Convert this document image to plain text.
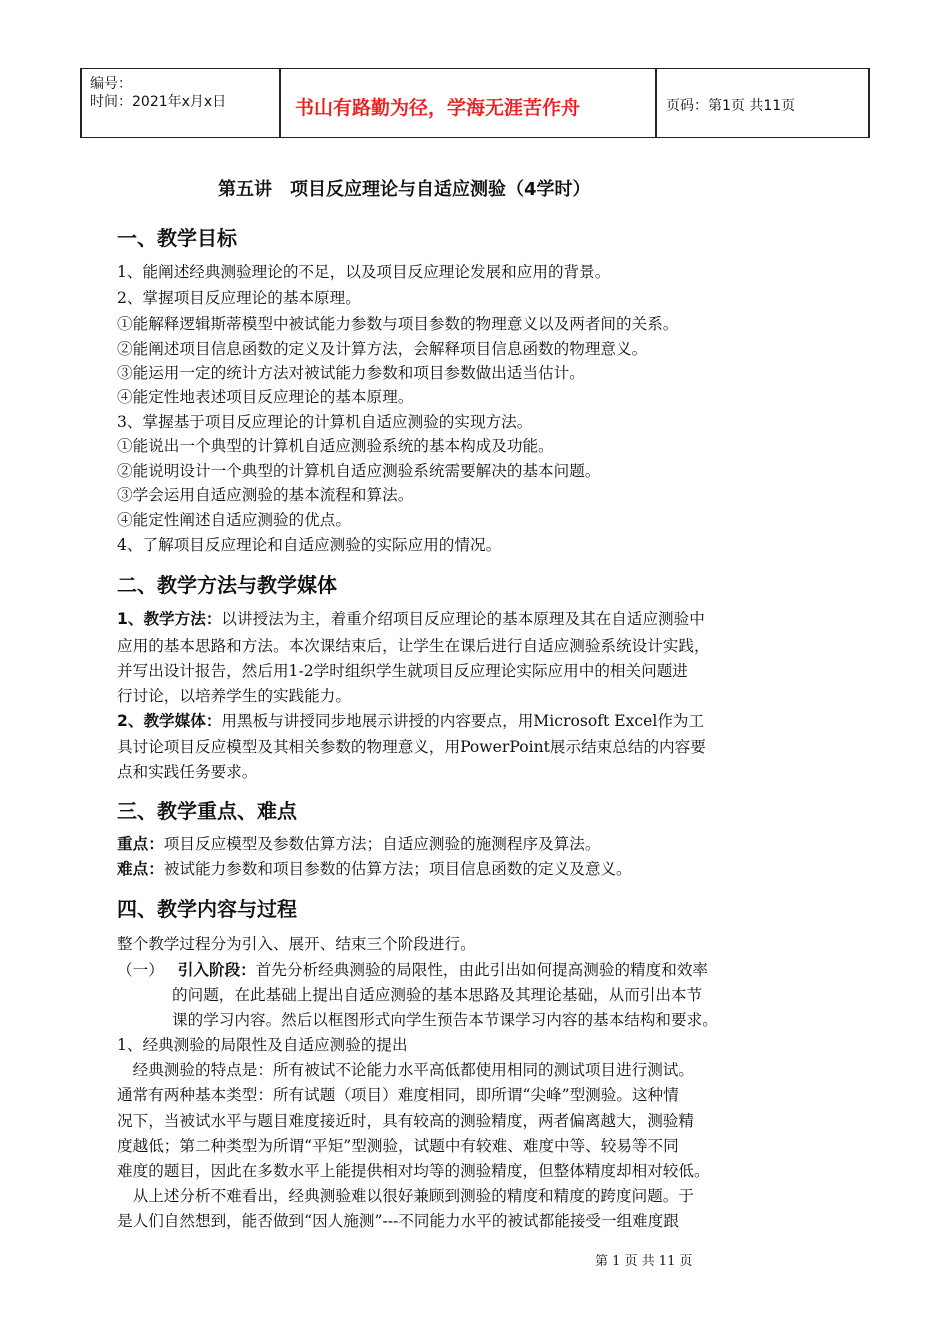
编号：
时间：2021年x月x日	书山有路勤为径，学海无涯苦作舟	页码：第1页 共11页
第五讲　项目反应理论与自适应测验（4学时）
一、教学目标
1、能阐述经典测验理论的不足，以及项目反应理论发展和应用的背景。
2、掌握项目反应理论的基本原理。
①能解释逻辑斯蒂模型中被试能力参数与项目参数的物理意义以及两者间的关系。
②能阐述项目信息函数的定义及计算方法，会解释项目信息函数的物理意义。
③能运用一定的统计方法对被试能力参数和项目参数做出适当估计。
④能定性地表述项目反应理论的基本原理。
3、掌握基于项目反应理论的计算机自适应测验的实现方法。
①能说出一个典型的计算机自适应测验系统的基本构成及功能。
②能说明设计一个典型的计算机自适应测验系统需要解决的基本问题。
③学会运用自适应测验的基本流程和算法。
④能定性阐述自适应测验的优点。
4、了解项目反应理论和自适应测验的实际应用的情况。
二、教学方法与教学媒体
1、教学方法：以讲授法为主，着重介绍项目反应理论的基本原理及其在自适应测验中
应用的基本思路和方法。本次课结束后，让学生在课后进行自适应测验系统设计实践，
并写出设计报告，然后用1-2学时组织学生就项目反应理论实际应用中的相关问题进
行讨论，以培养学生的实践能力。
2、教学媒体：用黑板与讲授同步地展示讲授的内容要点，用Microsoft Excel作为工
具讨论项目反应模型及其相关参数的物理意义，用PowerPoint展示结束总结的内容要
点和实践任务要求。
三、教学重点、难点
重点：项目反应模型及参数估算方法；自适应测验的施测程序及算法。
难点：被试能力参数和项目参数的估算方法；项目信息函数的定义及意义。
四、教学内容与过程
整个教学过程分为引入、展开、结束三个阶段进行。
（一） 引入阶段：首先分析经典测验的局限性，由此引出如何提高测验的精度和效率
的问题，在此基础上提出自适应测验的基本思路及其理论基础，从而引出本节
课的学习内容。然后以框图形式向学生预告本节课学习内容的基本结构和要求。
1、经典测验的局限性及自适应测验的提出
　经典测验的特点是：所有被试不论能力水平高低都使用相同的测试项目进行测试。
通常有两种基本类型：所有试题（项目）难度相同，即所谓“尖峰”型测验。这种情
况下，当被试水平与题目难度接近时，具有较高的测验精度，两者偏离越大，测验精
度越低；第二种类型为所谓“平矩”型测验，试题中有较难、难度中等、较易等不同
难度的题目，因此在多数水平上能提供相对均等的测验精度，但整体精度却相对较低。
　从上述分析不难看出，经典测验难以很好兼顾到测验的精度和精度的跨度问题。于
是人们自然想到，能否做到“因人施测”---不同能力水平的被试都能接受一组难度跟
第 1 页 共 11 页
